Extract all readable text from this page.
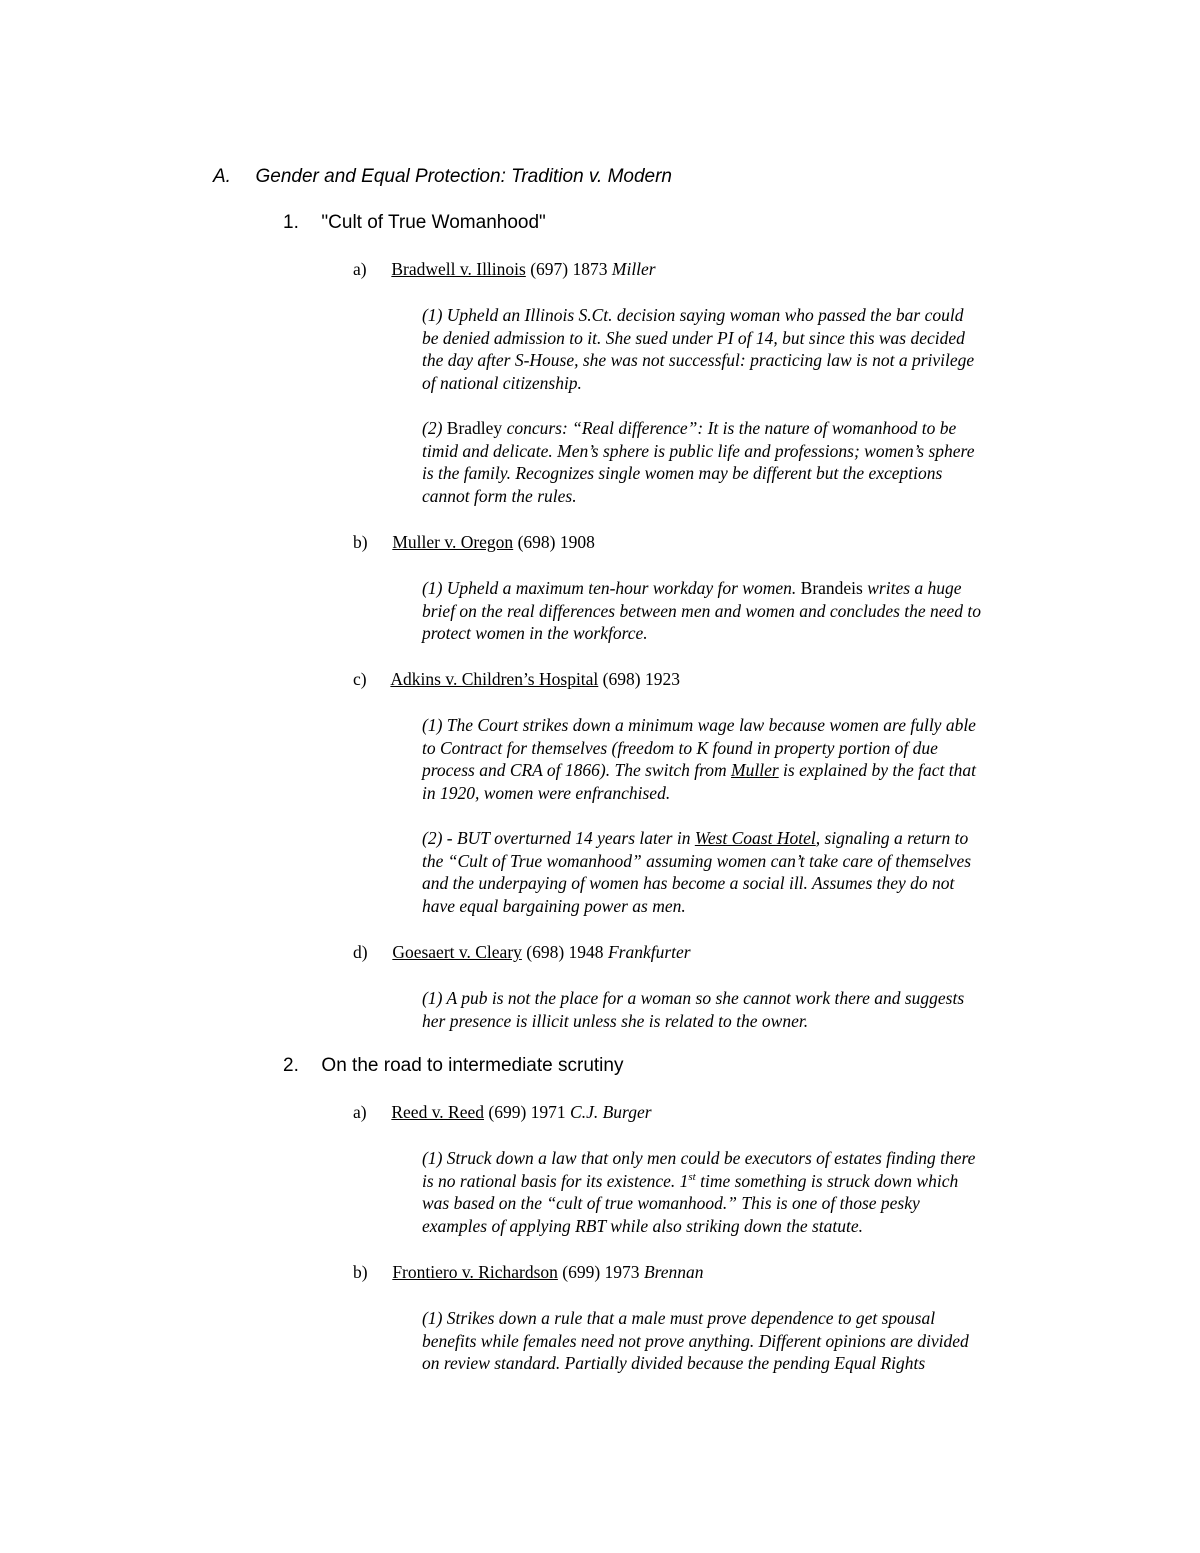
A. Gender and Equal Protection: Tradition v. Modern
1. "Cult of True Womanhood"
a) Bradwell v. Illinois (697) 1873 Miller
(1) Upheld an Illinois S.Ct. decision saying woman who passed the bar could
be denied admission to it. She sued under PI of 14, but since this was decided
the day after S-House, she was not successful: practicing law is not a privilege
of national citizenship.
(2) Bradley concurs: “Real difference”: It is the nature of womanhood to be
timid and delicate. Men’s sphere is public life and professions; women’s sphere
is the family. Recognizes single women may be different but the exceptions
cannot form the rules.
b) Muller v. Oregon (698) 1908
(1) Upheld a maximum ten-hour workday for women. Brandeis writes a huge
brief on the real differences between men and women and concludes the need to
protect women in the workforce.
c) Adkins v. Children’s Hospital (698) 1923
(1) The Court strikes down a minimum wage law because women are fully able
to Contract for themselves (freedom to K found in property portion of due
process and CRA of 1866). The switch from Muller is explained by the fact that
in 1920, women were enfranchised.
(2) - BUT overturned 14 years later in West Coast Hotel, signaling a return to
the “Cult of True womanhood” assuming women can’t take care of themselves
and the underpaying of women has become a social ill. Assumes they do not
have equal bargaining power as men.
d) Goesaert v. Cleary (698) 1948 Frankfurter
(1) A pub is not the place for a woman so she cannot work there and suggests
her presence is illicit unless she is related to the owner.
2. On the road to intermediate scrutiny
a) Reed v. Reed (699) 1971 C.J. Burger
(1) Struck down a law that only men could be executors of estates finding there
is no rational basis for its existence. 1st time something is struck down which
was based on the “cult of true womanhood.” This is one of those pesky
examples of applying RBT while also striking down the statute.
b) Frontiero v. Richardson (699) 1973 Brennan
(1) Strikes down a rule that a male must prove dependence to get spousal
benefits while females need not prove anything. Different opinions are divided
on review standard. Partially divided because the pending Equal Rights
